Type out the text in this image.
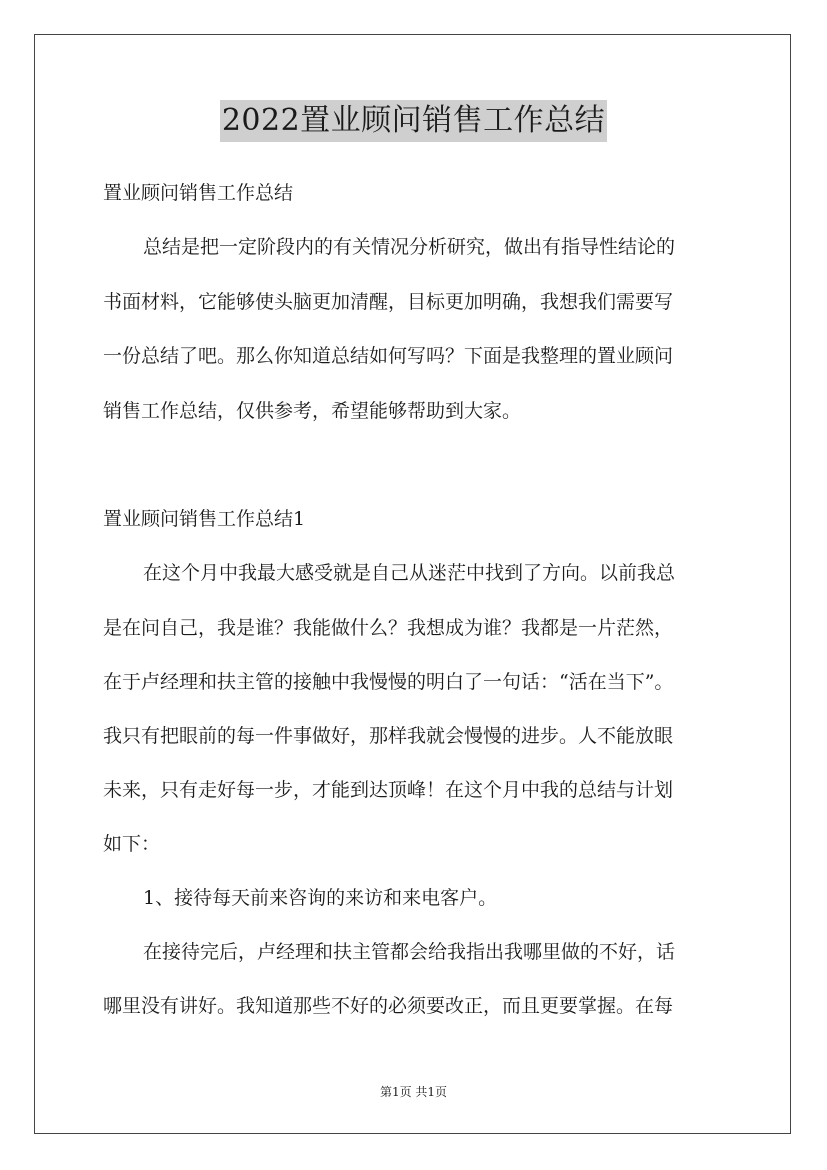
2022置业顾问销售工作总结
置业顾问销售工作总结
总结是把一定阶段内的有关情况分析研究，做出有指导性结论的
书面材料，它能够使头脑更加清醒，目标更加明确，我想我们需要写
一份总结了吧。那么你知道总结如何写吗？下面是我整理的置业顾问
销售工作总结，仅供参考，希望能够帮助到大家。
置业顾问销售工作总结1
在这个月中我最大感受就是自己从迷茫中找到了方向。以前我总
是在问自己，我是谁？我能做什么？我想成为谁？我都是一片茫然，
在于卢经理和扶主管的接触中我慢慢的明白了一句话：“活在当下”。
我只有把眼前的每一件事做好，那样我就会慢慢的进步。人不能放眼
未来，只有走好每一步，才能到达顶峰！在这个月中我的总结与计划
如下：
1、接待每天前来咨询的来访和来电客户。
在接待完后，卢经理和扶主管都会给我指出我哪里做的不好，话
哪里没有讲好。我知道那些不好的必须要改正，而且更要掌握。在每
第1页 共1页
